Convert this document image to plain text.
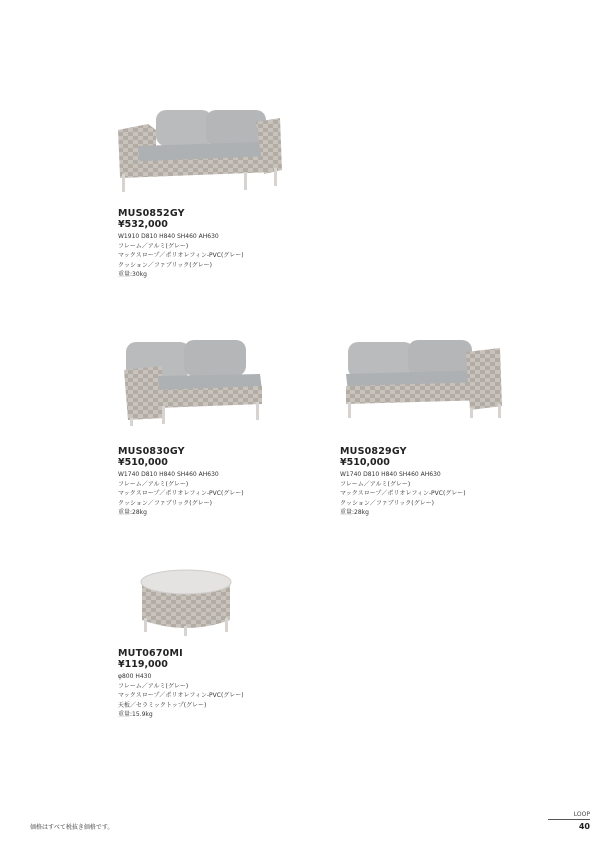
MUS0852GY
¥532,000
W1910 D810 H840 SH460 AH630
フレーム／アルミ(グレー)
マックスロープ／ポリオレフィン-PVC(グレー)
クッション／ファブリック(グレー)
重量:30kg
MUS0830GY
¥510,000
W1740 D810 H840 SH460 AH630
フレーム／アルミ(グレー)
マックスロープ／ポリオレフィン-PVC(グレー)
クッション／ファブリック(グレー)
重量:28kg
MUS0829GY
¥510,000
W1740 D810 H840 SH460 AH630
フレーム／アルミ(グレー)
マックスロープ／ポリオレフィン-PVC(グレー)
クッション／ファブリック(グレー)
重量:28kg
MUT0670MI
¥119,000
φ800 H430
フレーム／アルミ(グレー)
マックスロープ／ポリオレフィン-PVC(グレー)
天板／セラミックトップ(グレー)
重量:15.9kg
価格はすべて税抜き価格です。
LOOP
40
